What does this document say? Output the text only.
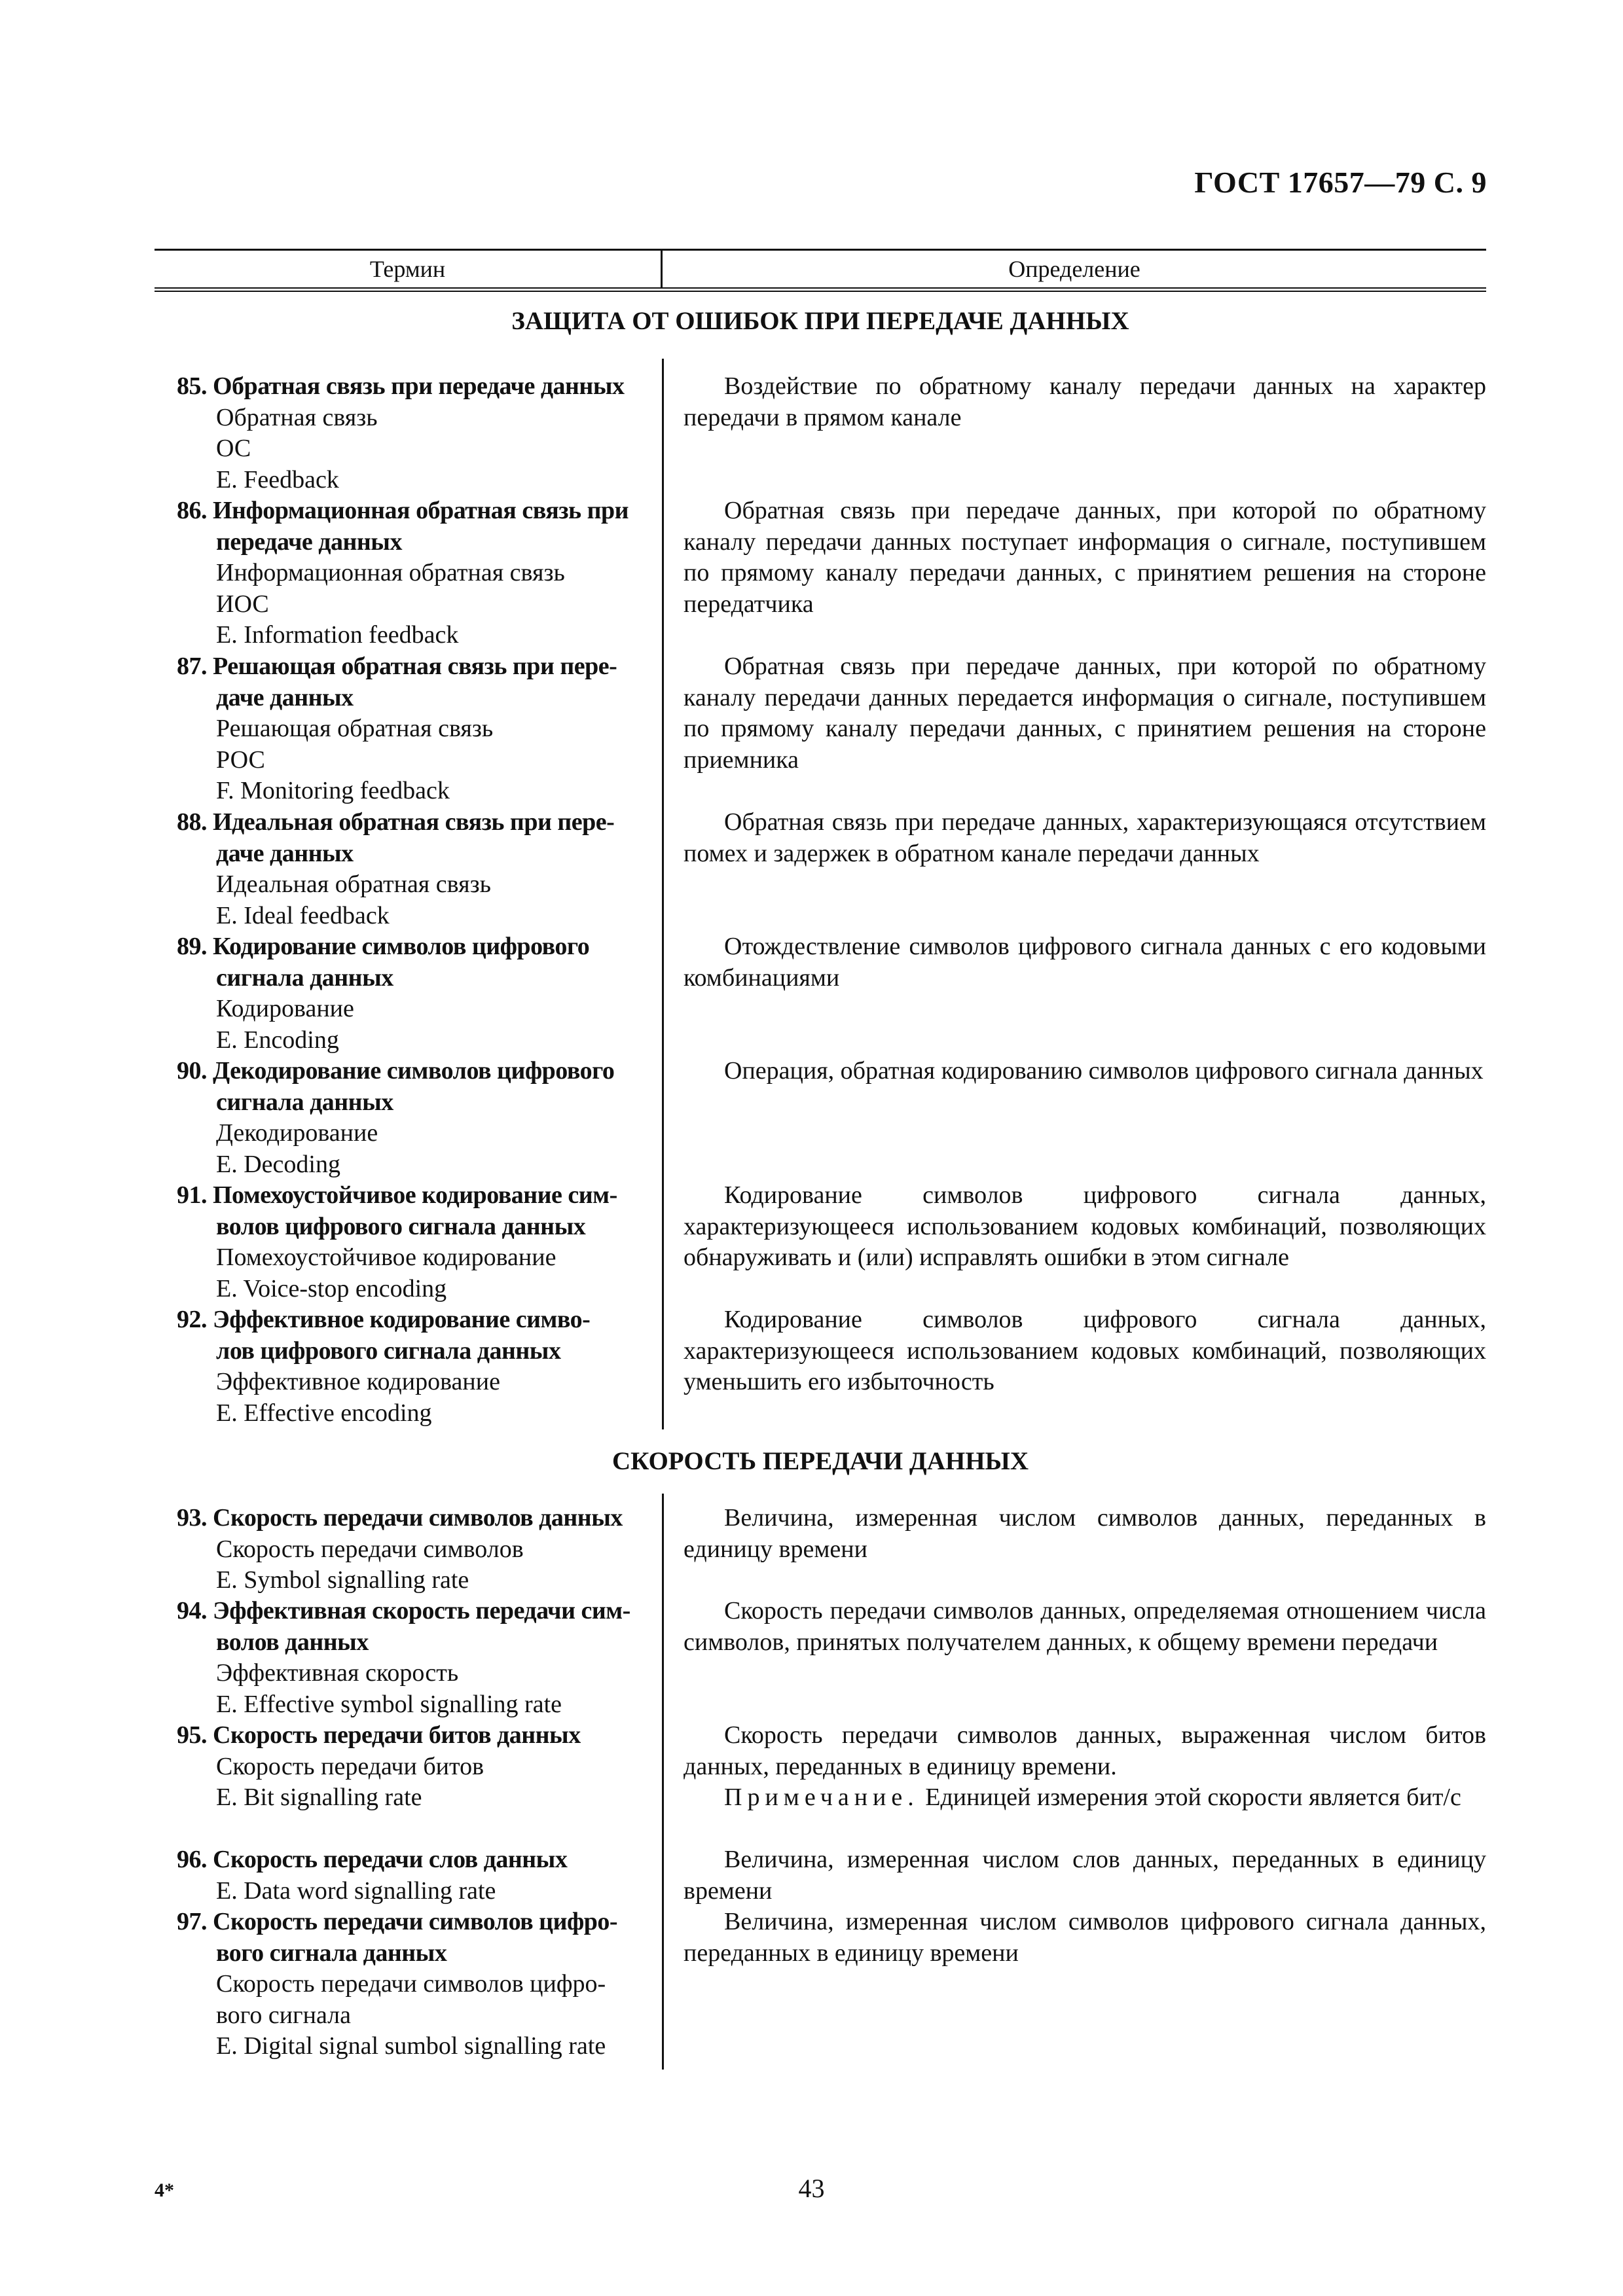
ГОСТ 17657—79 С. 9
Термин	Определение
ЗАЩИТА ОТ ОШИБОК ПРИ ПЕРЕДАЧЕ ДАННЫХ
СКОРОСТЬ ПЕРЕДАЧИ ДАННЫХ
85. Обратная связь при передаче данных
Обратная связь
ОС
E. Feedback

Воздействие по обратному каналу передачи данных на характер передачи в прямом канале

86. Информационная обратная связь при
передаче данных
Информационная обратная связь
ИОС
E. Information feedback

Обратная связь при передаче данных, при которой по обратному каналу передачи данных поступает информация о сигнале, поступившем по прямому каналу передачи данных, с принятием решения на стороне передатчика

87. Решающая обратная связь при пере-
даче данных
Решающая обратная связь
РОС
F. Monitoring feedback

Обратная связь при передаче данных, при которой по обратному каналу передачи данных передается информация о сигнале, поступившем по прямому каналу передачи данных, с принятием решения на стороне приемника

88. Идеальная обратная связь при пере-
даче данных
Идеальная обратная связь
E. Ideal feedback

Обратная связь при передаче данных, характеризующаяся отсутствием помех и задержек в обратном канале передачи данных

89. Кодирование символов цифрового
сигнала данных
Кодирование
E. Encoding

Отождествление символов цифрового сигнала данных с его кодовыми комбинациями

90. Декодирование символов цифрового
сигнала данных
Декодирование
E. Decoding

Операция, обратная кодированию символов цифрового сигнала данных

91. Помехоустойчивое кодирование сим-
волов цифрового сигнала данных
Помехоустойчивое кодирование
E. Voice-stop encoding

Кодирование символов цифрового сигнала данных, характеризующееся использованием кодовых комбинаций, позволяющих обнаруживать и (или) исправлять ошибки в этом сигнале

92. Эффективное кодирование симво-
лов цифрового сигнала данных
Эффективное кодирование
E. Effective encoding

Кодирование символов цифрового сигнала данных, характеризующееся использованием кодовых комбинаций, позволяющих уменьшить его избыточность

93. Скорость передачи символов данных
Скорость передачи символов
E. Symbol signalling rate

Величина, измеренная числом символов данных, переданных в единицу времени

94. Эффективная скорость передачи сим-
волов данных
Эффективная скорость
E. Effective symbol signalling rate

Скорость передачи символов данных, определяемая отношением числа символов, принятых получателем данных, к общему времени передачи

95. Скорость передачи битов данных
Скорость передачи битов
E. Bit signalling rate

Скорость передачи символов данных, выраженная числом битов данных, переданных в единицу времени.

Примечание. Единицей измерения этой скорости является бит/с

96. Скорость передачи слов данных
E. Data word signalling rate

Величина, измеренная числом слов данных, переданных в единицу времени

97. Скорость передачи символов цифро-
вого сигнала данных
Скорость передачи символов цифро-
вого сигнала
E. Digital signal sumbol signalling rate

Величина, измеренная числом символов цифрового сигнала данных, переданных в единицу времени

4*	43
